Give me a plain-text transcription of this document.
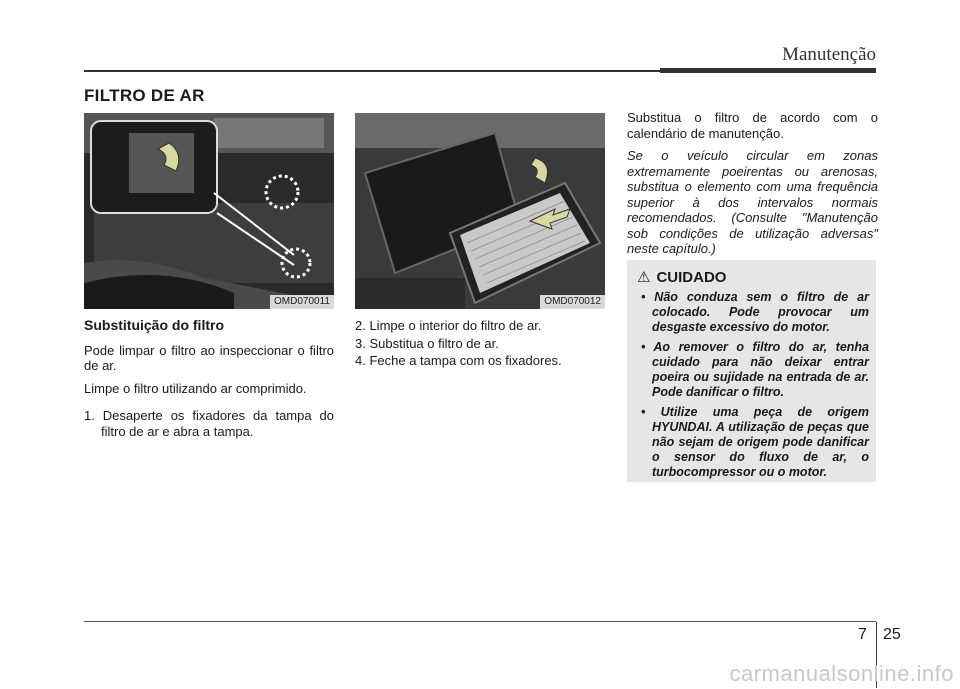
Manutenção
FILTRO DE AR
OMD070011	OMD070012
Substituição do filtro
Pode limpar o filtro ao inspeccionar o filtro de ar.
Limpe o filtro utilizando ar comprimido.
1. Desaperte os fixadores da tampa do filtro de ar e abra a tampa.
2. Limpe o interior do filtro de ar.
3. Substitua o filtro de ar.
4. Feche a tampa com os fixadores.
Substitua o filtro de acordo com o calendário de manutenção.
Se o veículo circular em zonas extremamente poeirentas ou arenosas, substitua o elemento com uma frequência superior à dos intervalos normais recomendados. (Consulte "Manutenção sob condições de utilização adversas" neste capítulo.)
⚠ CUIDADO
• Não conduza sem o filtro de ar colocado. Pode provocar um desgaste excessivo do motor.
• Ao remover o filtro do ar, tenha cuidado para não deixar entrar poeira ou sujidade na entrada de ar. Pode danificar o filtro.
• Utilize uma peça de origem HYUNDAI. A utilização de peças que não sejam de origem pode danificar o sensor do fluxo de ar, o turbocompressor ou o motor.
7 25
carmanualsonline.info
